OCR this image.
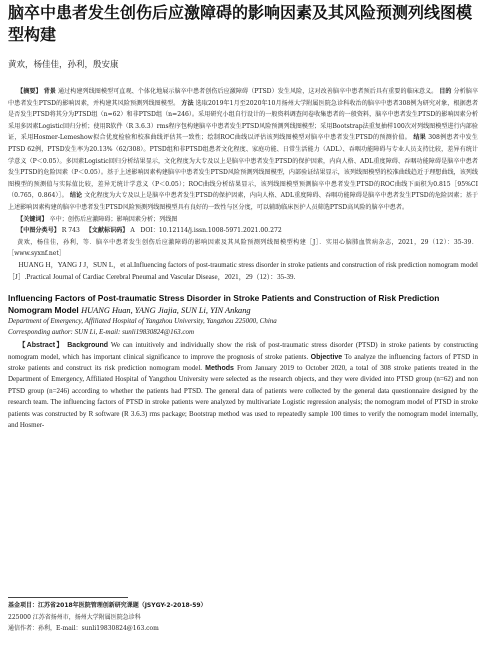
脑卒中患者发生创伤后应激障碍的影响因素及其风险预测列线图模型构建
黄欢，杨佳佳，孙利，殷安康

【摘要】 背景 通过构建列线图模型可直观、个体化地展示脑卒中患者创伤后应激障碍（PTSD）发生风险，这对改善脑卒中患者预后具有重要的临床意义。 目的 分析脑卒中患者发生PTSD的影响因素，并构建其风险预测列线图模型。 方法 选取2019年1月至2020年10月扬州大学附属医院急诊科收治的脑卒中患者308例为研究对象，根据患者是否发生PTSD将其分为PTSD组（n=62）和非PTSD组（n=246）。采用研究小组自行设计的一般资料调查问卷收集患者的一般资料，脑卒中患者发生PTSD的影响因素分析采用多因素Logistic回归分析；使用R软件（R 3.6.3）rms程序包构建脑卒中患者发生PTSD风险预测列线图模型；采用Bootstrap法重复抽样100次对列线图模型进行内部验证，采用Hosmer-Lemeshow拟合优度检验和校准曲线评估其一致性；绘制ROC曲线以评估该列线图模型对脑卒中患者发生PTSD的预测价值。 结果 308例患者中发生PTSD 62例，PTSD发生率为20.13%（62/308）。PTSD组和非PTSD组患者文化程度、家庭功能、日常生活能力（ADL）、吞咽功能障碍与专业人员支持比较，差异有统计学意义（P＜0.05）。多因素Logistic回归分析结果显示，文化程度为大专及以上是脑卒中患者发生PTSD的保护因素，内向人格、ADL重度障碍、吞咽功能障碍是脑卒中患者发生PTSD的危险因素（P＜0.05）。基于上述影响因素构建脑卒中患者发生PTSD风险预测列线图模型，内部验证结果显示，该列线图模型的校准曲线趋近于理想曲线，该列线图模型的预测值与实际值比较，差异无统计学意义（P＜0.05）；ROC曲线分析结果显示，该列线图模型预测脑卒中患者发生PTSD的ROC曲线下面积为0.815［95%CI（0.765，0.864）］。 结论 文化程度为大专及以上是脑卒中患者发生PTSD的保护因素，内向人格、ADL重度障碍、吞咽功能障碍是脑卒中患者发生PTSD的危险因素；基于上述影响因素构建的脑卒中患者发生PTSD风险预测列线图模型具有良好的一致性与区分度，可以辅助临床医护人员筛选PTSD高风险的脑卒中患者。

【关键词】 卒中；创伤后应激障碍；影响因素分析；列线图

【中图分类号】 R 743 【文献标识码】 A DOI：10.12114/j.issn.1008-5971.2021.00.272

黄欢，杨佳佳，孙利，等．脑卒中患者发生创伤后应激障碍的影响因素及其风险预测列线图模型构建［J］．实用心脑肺血管病杂志，2021，29（12）：35-39．［www.syxnf.net］

HUANG H，YANG J J，SUN L，et al.Influencing factors of post-traumatic stress disorder in stroke patients and construction of risk prediction nomogram model［J］.Practical Journal of Cardiac Cerebral Pneumal and Vascular Disease，2021，29（12）：35-39.

Influencing Factors of Post-traumatic Stress Disorder in Stroke Patients and Construction of Risk Prediction Nomogram Model HUANG Huan, YANG Jiajia, SUN Li, YIN Ankang
Department of Emergency, Affiliated Hospital of Yangzhou University, Yangzhou 225000, China
Corresponding author: SUN Li, E-mail: sunli19830824@163.com

【Abstract】 Background We can intuitively and individually show the risk of post-traumatic stress disorder (PTSD) in stroke patients by constructing nomogram model, which has important clinical significance to improve the prognosis of stroke patients. Objective To analyze the influencing factors of PTSD in stroke patients and construct its risk prediction nomogram model. Methods From January 2019 to October 2020, a total of 308 stroke patients treated in the Department of Emergency, Affiliated Hospital of Yangzhou University were selected as the research objects, and they were divided into PTSD group (n=62) and non PTSD group (n=246) according to whether the patients had PTSD. The general data of patients were collected by the general data questionnaire designed by the research team. The influencing factors of PTSD in stroke patients were analyzed by multivariate Logistic regression analysis; the nomogram model of PTSD in stroke patients was constructed by R software (R 3.6.3) rms package; Bootstrap method was used to repeatedly sample 100 times to verify the nomogram model internally, and Hosmer-

基金项目：江苏省2018年医院管理创新研究课题（JSYGY-2-2018-59）

225000 江苏省扬州市，扬州大学附属医院急诊科

通信作者：孙利，E-mail：sunli19830824@163.com
